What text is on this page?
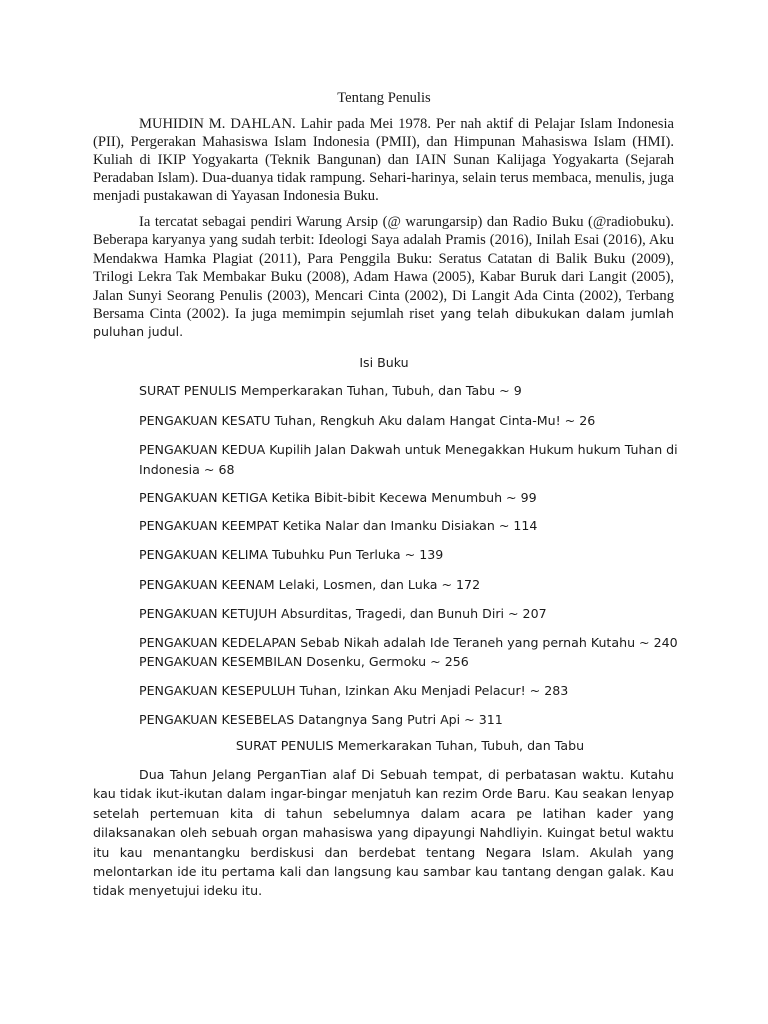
Tentang Penulis

MUHIDIN M. DAHLAN. Lahir pada Mei 1978. Per nah aktif di Pelajar Islam Indonesia (PII), Pergerakan Mahasiswa Islam Indonesia (PMII), dan Himpunan Mahasiswa Islam (HMI). Kuliah di IKIP Yogyakarta (Teknik Bangunan) dan IAIN Sunan Kalijaga Yogyakarta (Sejarah Peradaban Islam). Dua-duanya tidak rampung. Sehari-harinya, selain terus membaca, menulis, juga menjadi pustakawan di Yayasan Indonesia Buku.

Ia tercatat sebagai pendiri Warung Arsip (@ warungarsip) dan Radio Buku (@radiobuku). Beberapa karyanya yang sudah terbit: Ideologi Saya adalah Pramis (2016), Inilah Esai (2016), Aku Mendakwa Hamka Plagiat (2011), Para Penggila Buku: Seratus Catatan di Balik Buku (2009), Trilogi Lekra Tak Membakar Buku (2008), Adam Hawa (2005), Kabar Buruk dari Langit (2005), Jalan Sunyi Seorang Penulis (2003), Mencari Cinta (2002), Di Langit Ada Cinta (2002), Terbang Bersama Cinta (2002). Ia juga memimpin sejumlah riset yang telah dibukukan dalam jumlah puluhan judul.

Isi Buku

SURAT PENULIS Memperkarakan Tuhan, Tubuh, dan Tabu ~ 9

PENGAKUAN KESATU Tuhan, Rengkuh Aku dalam Hangat Cinta-Mu! ~ 26

PENGAKUAN KEDUA Kupilih Jalan Dakwah untuk Menegakkan Hukum hukum Tuhan di Indonesia ~ 68

PENGAKUAN KETIGA Ketika Bibit-bibit Kecewa Menumbuh ~ 99

PENGAKUAN KEEMPAT Ketika Nalar dan Imanku Disiakan ~ 114

PENGAKUAN KELIMA Tubuhku Pun Terluka ~ 139

PENGAKUAN KEENAM Lelaki, Losmen, dan Luka ~ 172

PENGAKUAN KETUJUH Absurditas, Tragedi, dan Bunuh Diri ~ 207

PENGAKUAN KEDELAPAN Sebab Nikah adalah Ide Teraneh yang pernah Kutahu ~ 240

PENGAKUAN KESEMBILAN Dosenku, Germoku ~ 256

PENGAKUAN KESEPULUH Tuhan, Izinkan Aku Menjadi Pelacur! ~ 283

PENGAKUAN KESEBELAS Datangnya Sang Putri Api ~ 311

SURAT PENULIS Memerkarakan Tuhan, Tubuh, dan Tabu

Dua Tahun Jelang PerganTian alaf Di Sebuah tempat, di perbatasan waktu. Kutahu kau tidak ikut-ikutan dalam ingar-bingar menjatuh kan rezim Orde Baru. Kau seakan lenyap setelah pertemuan kita di tahun sebelumnya dalam acara pe latihan kader yang dilaksanakan oleh sebuah organ mahasiswa yang dipayungi Nahdliyin. Kuingat betul waktu itu kau menantangku berdiskusi dan berdebat tentang Negara Islam. Akulah yang melontarkan ide itu pertama kali dan langsung kau sambar kau tantang dengan galak. Kau tidak menyetujui ideku itu.
